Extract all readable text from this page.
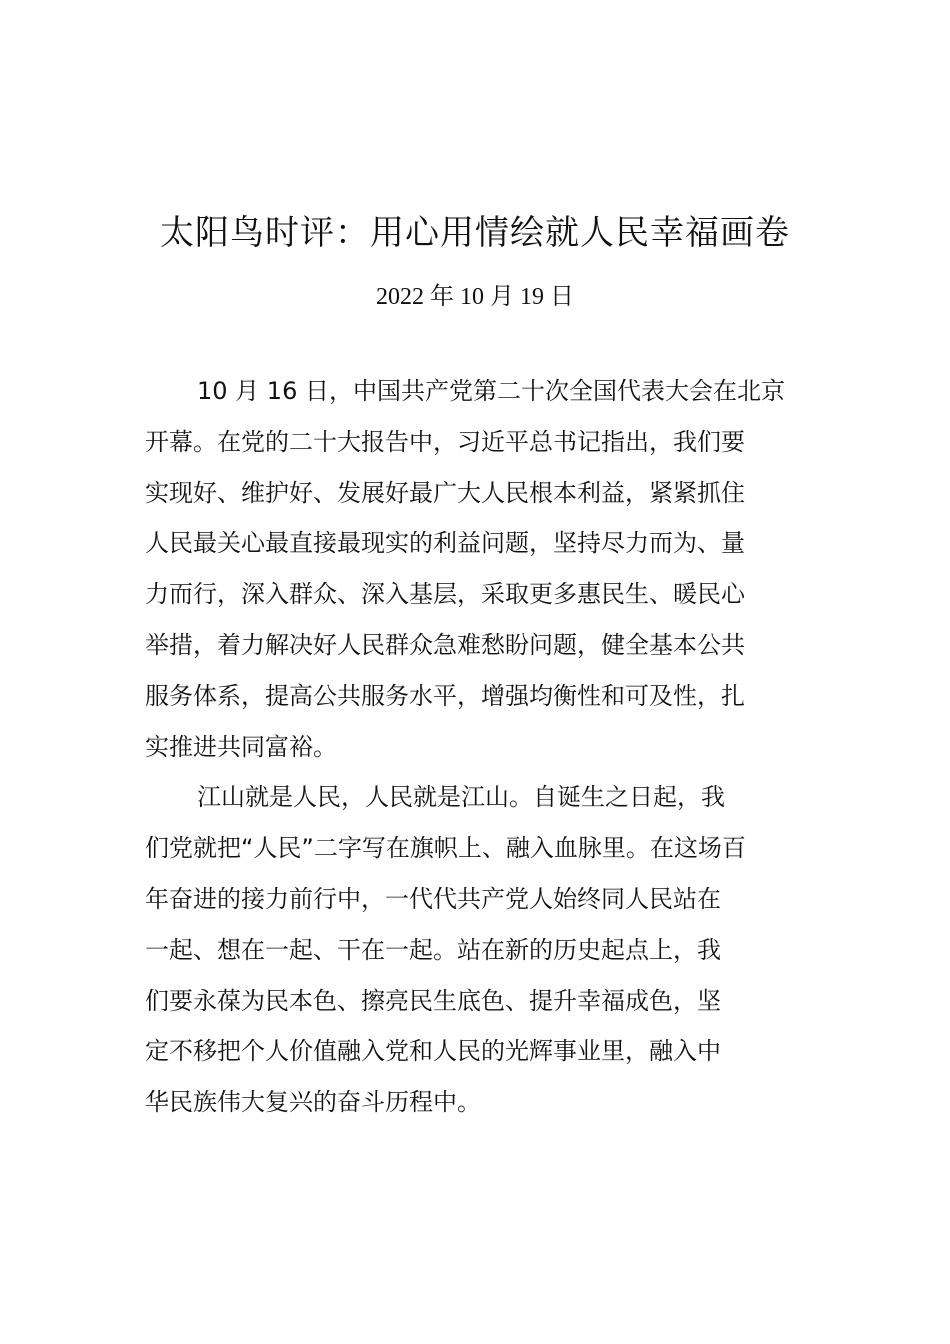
太阳鸟时评：用心用情绘就人民幸福画卷
2022 年 10 月 19 日
10 月 16 日，中国共产党第二十次全国代表大会在北京
开幕。在党的二十大报告中，习近平总书记指出，我们要
实现好、维护好、发展好最广大人民根本利益，紧紧抓住
人民最关心最直接最现实的利益问题，坚持尽力而为、量
力而行，深入群众、深入基层，采取更多惠民生、暖民心
举措，着力解决好人民群众急难愁盼问题，健全基本公共
服务体系，提高公共服务水平，增强均衡性和可及性，扎
实推进共同富裕。
江山就是人民，人民就是江山。自诞生之日起，我
们党就把“人民”二字写在旗帜上、融入血脉里。在这场百
年奋进的接力前行中，一代代共产党人始终同人民站在
一起、想在一起、干在一起。站在新的历史起点上，我
们要永葆为民本色、擦亮民生底色、提升幸福成色，坚
定不移把个人价值融入党和人民的光辉事业里，融入中
华民族伟大复兴的奋斗历程中。
